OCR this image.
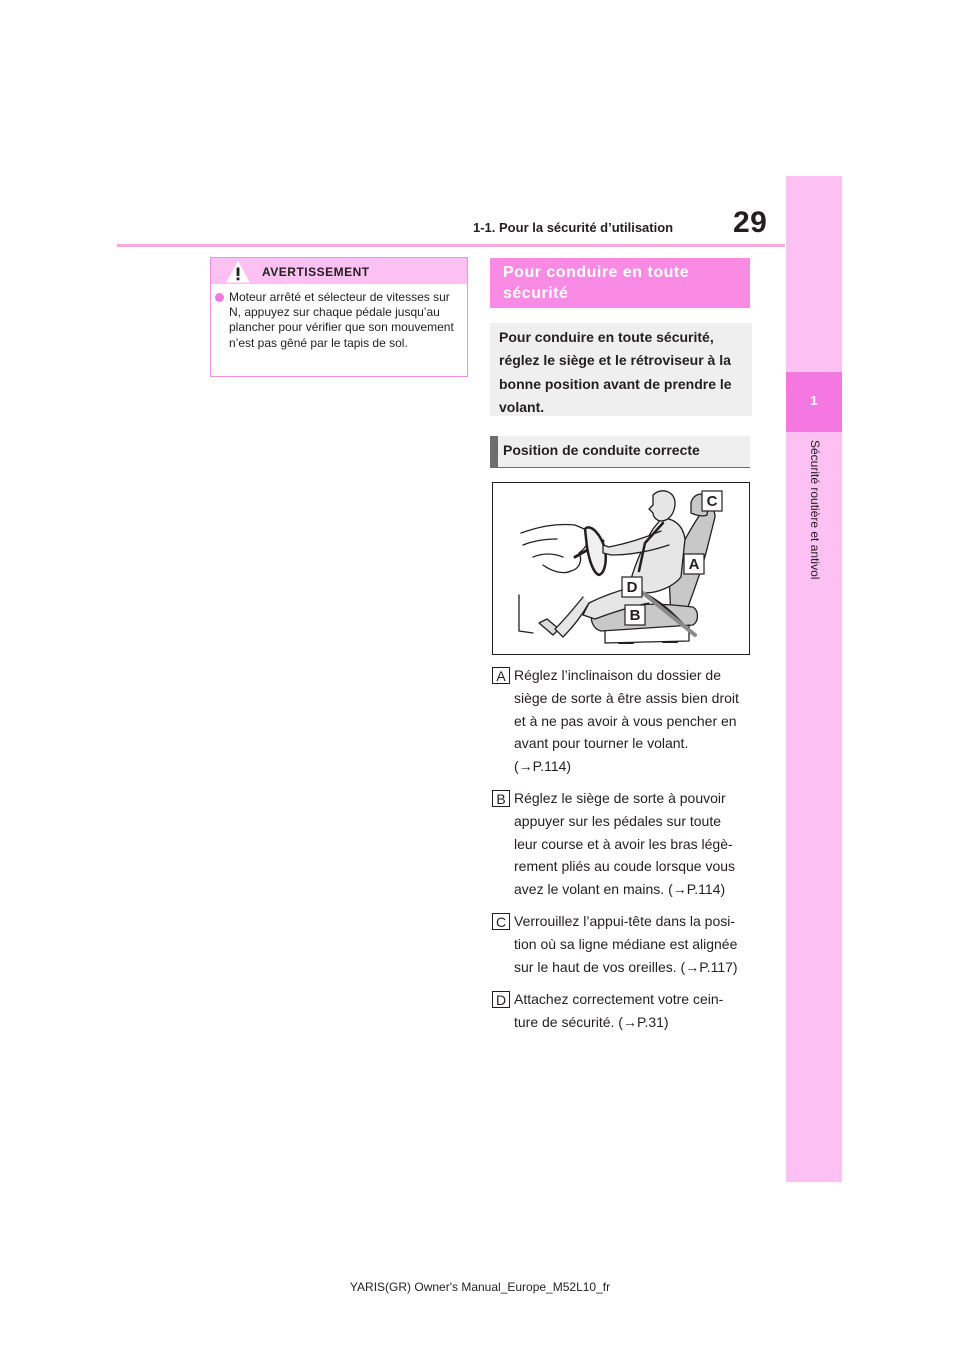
29
1-1. Pour la sécurité d’utilisation
1
Sécurité routière et antivol
AVERTISSEMENT
Moteur arrêté et sélecteur de vitesses sur N, appuyez sur chaque pédale jusqu’au plancher pour vérifier que son mouvement n’est pas gêné par le tapis de sol.
Pour conduire en toute sécurité
Pour conduire en toute sécurité, réglez le siège et le rétroviseur à la bonne position avant de prendre le volant.
Position de conduite correcte
C
A
D
B
A Réglez l’inclinaison du dossier de
siège de sorte à être assis bien droit
et à ne pas avoir à vous pencher en
avant pour tourner le volant.
(→P.114)
B Réglez le siège de sorte à pouvoir
appuyer sur les pédales sur toute
leur course et à avoir les bras légè-
rement pliés au coude lorsque vous
avez le volant en mains. (→P.114)
C Verrouillez l’appui-tête dans la posi-
tion où sa ligne médiane est alignée
sur le haut de vos oreilles. (→P.117)
D Attachez correctement votre cein-
ture de sécurité. (→P.31)
YARIS(GR) Owner's Manual_Europe_M52L10_fr
